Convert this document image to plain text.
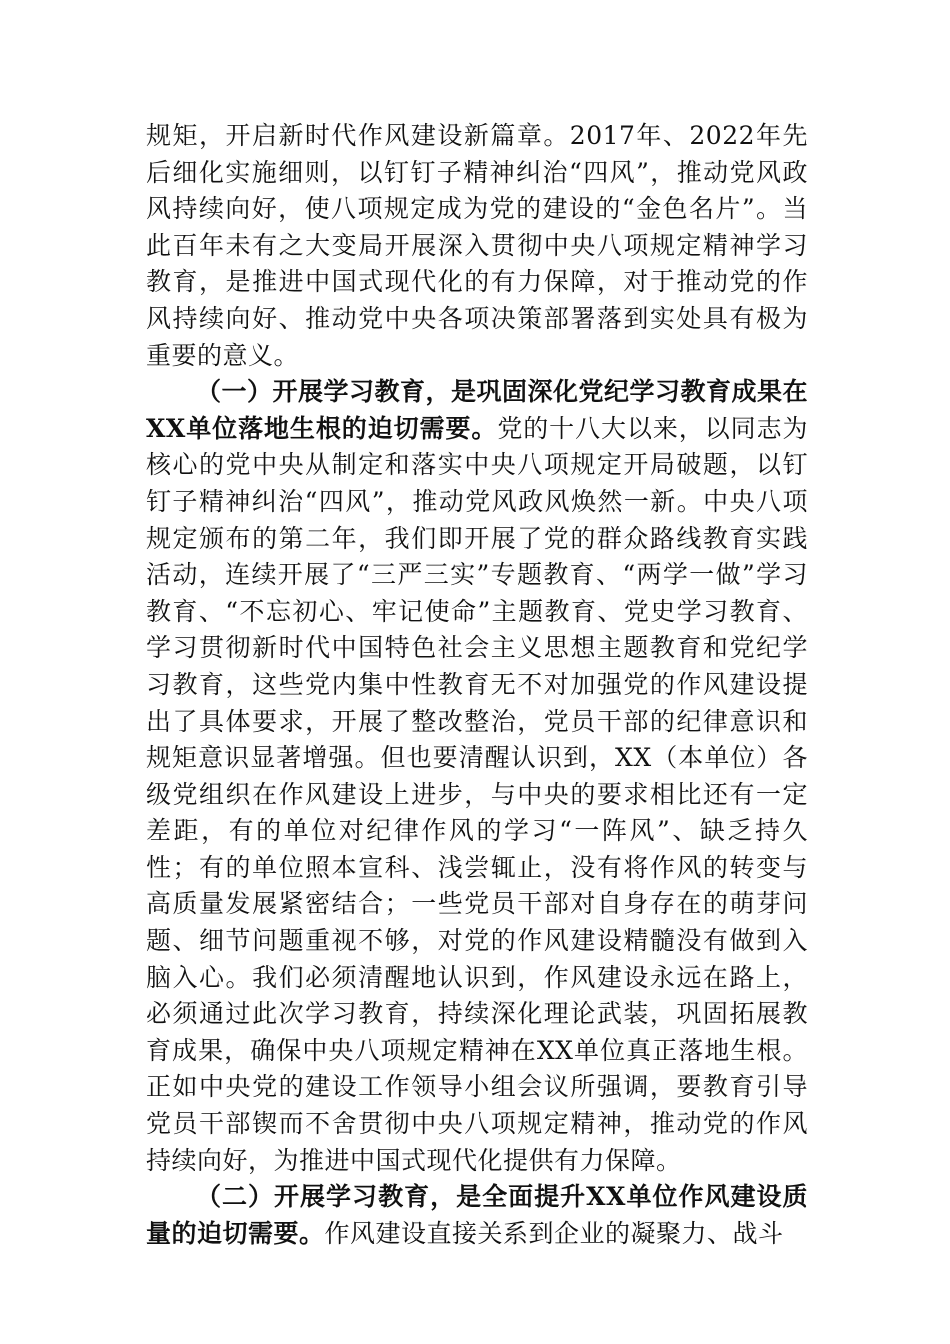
规矩，开启新时代作风建设新篇章。2017年、2022年先后细化实施细则，以钉钉子精神纠治“四风”，推动党风政风持续向好，使八项规定成为党的建设的“金色名片”。当此百年未有之大变局开展深入贯彻中央八项规定精神学习教育，是推进中国式现代化的有力保障，对于推动党的作风持续向好、推动党中央各项决策部署落到实处具有极为重要的意义。

（一）开展学习教育，是巩固深化党纪学习教育成果在XX单位落地生根的迫切需要。党的十八大以来，以同志为核心的党中央从制定和落实中央八项规定开局破题，以钉钉子精神纠治“四风”，推动党风政风焕然一新。中央八项规定颁布的第二年，我们即开展了党的群众路线教育实践活动，连续开展了“三严三实”专题教育、“两学一做”学习教育、“不忘初心、牢记使命”主题教育、党史学习教育、学习贯彻新时代中国特色社会主义思想主题教育和党纪学习教育，这些党内集中性教育无不对加强党的作风建设提出了具体要求，开展了整改整治，党员干部的纪律意识和规矩意识显著增强。但也要清醒认识到，XX（本单位）各级党组织在作风建设上进步，与中央的要求相比还有一定差距，有的单位对纪律作风的学习“一阵风”、缺乏持久性；有的单位照本宣科、浅尝辄止，没有将作风的转变与高质量发展紧密结合；一些党员干部对自身存在的萌芽问题、细节问题重视不够，对党的作风建设精髓没有做到入脑入心。我们必须清醒地认识到，作风建设永远在路上，必须通过此次学习教育，持续深化理论武装，巩固拓展教育成果，确保中央八项规定精神在XX单位真正落地生根。正如中央党的建设工作领导小组会议所强调，要教育引导党员干部锲而不舍贯彻中央八项规定精神，推动党的作风持续向好，为推进中国式现代化提供有力保障。

（二）开展学习教育，是全面提升XX单位作风建设质量的迫切需要。作风建设直接关系到企业的凝聚力、战斗
